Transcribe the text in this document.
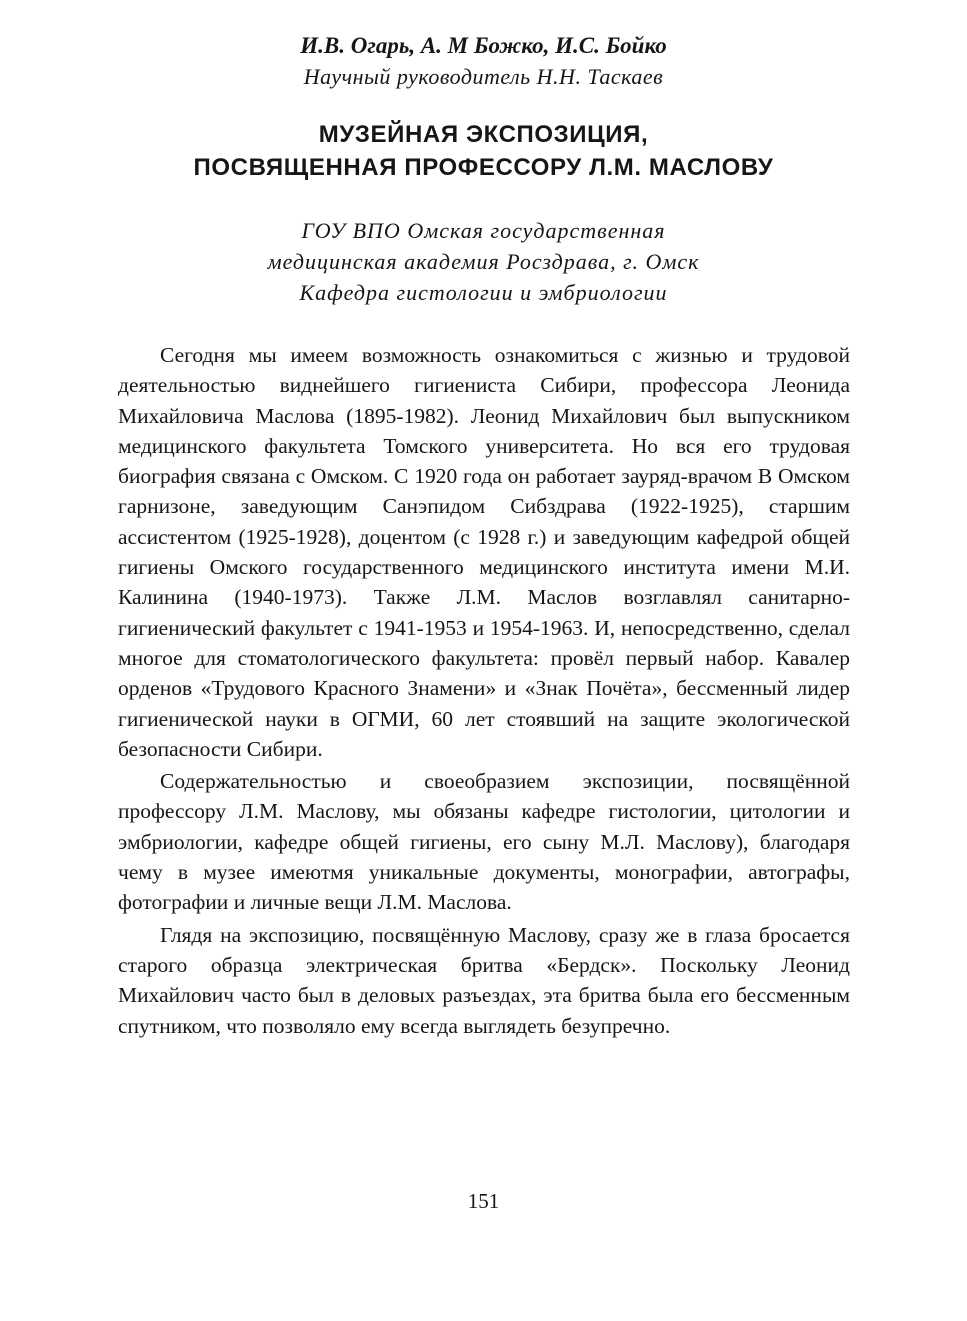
И.В. Огарь, А. М Божко, И.С. Бойко
Научный руководитель Н.Н. Таскаев
МУЗЕЙНАЯ ЭКСПОЗИЦИЯ,
ПОСВЯЩЕННАЯ ПРОФЕССОРУ Л.М. МАСЛОВУ
ГОУ ВПО Омская государственная
медицинская академия Росздрава, г. Омск
Кафедра гистологии и эмбриологии

Сегодня мы имеем возможность ознакомиться с жизнью и трудовой деятельностью виднейшего гигиениста Сибири, профессора Леонида Михайловича Маслова (1895-1982). Леонид Михайлович был выпускником медицинского факультета Томского университета. Но вся его трудовая биография связана с Омском. С 1920 года он работает зауряд-врачом В Омском гарнизоне, заведующим Санэпидом Сибздрава (1922-1925), старшим ассистентом (1925-1928), доцентом (с 1928 г.) и заведующим кафедрой общей гигиены Омского государственного медицинского института имени М.И. Калинина (1940-1973). Также Л.М. Маслов возглавлял санитарно-гигиенический факультет с 1941-1953 и 1954-1963. И, непосредственно, сделал многое для стоматологического факультета: провёл первый набор. Кавалер орденов «Трудового Красного Знамени» и «Знак Почёта», бессменный лидер гигиенической науки в ОГМИ, 60 лет стоявший на защите экологической безопасности Сибири.

Содержательностью и своеобразием экспозиции, посвящённой профессору Л.М. Маслову, мы обязаны кафедре гистологии, цитологии и эмбриологии, кафедре общей гигиены, его сыну М.Л. Маслову), благодаря чему в музее имеютмя уникальные документы, монографии, автографы, фотографии и личные вещи Л.М. Маслова.

Глядя на экспозицию, посвящённую Маслову, сразу же в глаза бросается старого образца электрическая бритва «Бердск». Поскольку Леонид Михайлович часто был в деловых разъездах, эта бритва была его бессменным спутником, что позволяло ему всегда выглядеть безупречно.

151
